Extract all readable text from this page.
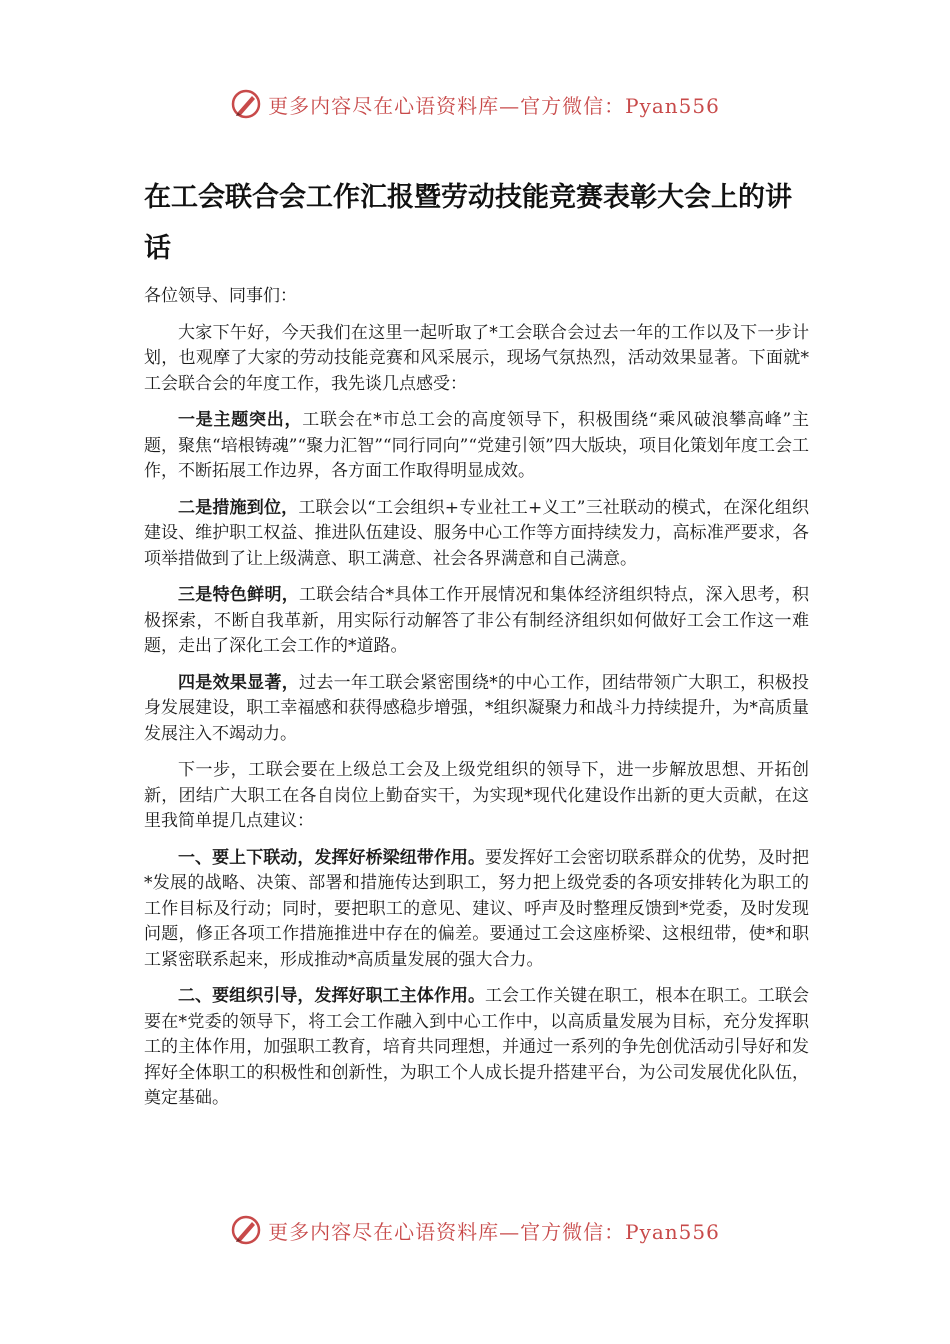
更多内容尽在心语资料库—官方微信：Pyan556
在工会联合会工作汇报暨劳动技能竞赛表彰大会上的讲话

各位领导、同事们：

大家下午好，今天我们在这里一起听取了*工会联合会过去一年的工作以及下一步计划，也观摩了大家的劳动技能竞赛和风采展示，现场气氛热烈，活动效果显著。下面就*工会联合会的年度工作，我先谈几点感受：

一是主题突出，工联会在*市总工会的高度领导下，积极围绕“乘风破浪攀高峰”主题，聚焦“培根铸魂”“聚力汇智”“同行同向”“党建引领”四大版块，项目化策划年度工会工作，不断拓展工作边界，各方面工作取得明显成效。

二是措施到位，工联会以“工会组织+专业社工+义工”三社联动的模式，在深化组织建设、维护职工权益、推进队伍建设、服务中心工作等方面持续发力，高标准严要求，各项举措做到了让上级满意、职工满意、社会各界满意和自己满意。

三是特色鲜明，工联会结合*具体工作开展情况和集体经济组织特点，深入思考，积极探索，不断自我革新，用实际行动解答了非公有制经济组织如何做好工会工作这一难题，走出了深化工会工作的*道路。

四是效果显著，过去一年工联会紧密围绕*的中心工作，团结带领广大职工，积极投身发展建设，职工幸福感和获得感稳步增强，*组织凝聚力和战斗力持续提升，为*高质量发展注入不竭动力。

下一步，工联会要在上级总工会及上级党组织的领导下，进一步解放思想、开拓创新，团结广大职工在各自岗位上勤奋实干，为实现*现代化建设作出新的更大贡献，在这里我简单提几点建议：

一、要上下联动，发挥好桥梁纽带作用。要发挥好工会密切联系群众的优势，及时把*发展的战略、决策、部署和措施传达到职工，努力把上级党委的各项安排转化为职工的工作目标及行动；同时，要把职工的意见、建议、呼声及时整理反馈到*党委，及时发现问题，修正各项工作措施推进中存在的偏差。要通过工会这座桥梁、这根纽带，使*和职工紧密联系起来，形成推动*高质量发展的强大合力。

二、要组织引导，发挥好职工主体作用。工会工作关键在职工，根本在职工。工联会要在*党委的领导下，将工会工作融入到中心工作中，以高质量发展为目标，充分发挥职工的主体作用，加强职工教育，培育共同理想，并通过一系列的争先创优活动引导好和发挥好全体职工的积极性和创新性，为职工个人成长提升搭建平台，为公司发展优化队伍，奠定基础。

更多内容尽在心语资料库—官方微信：Pyan556
